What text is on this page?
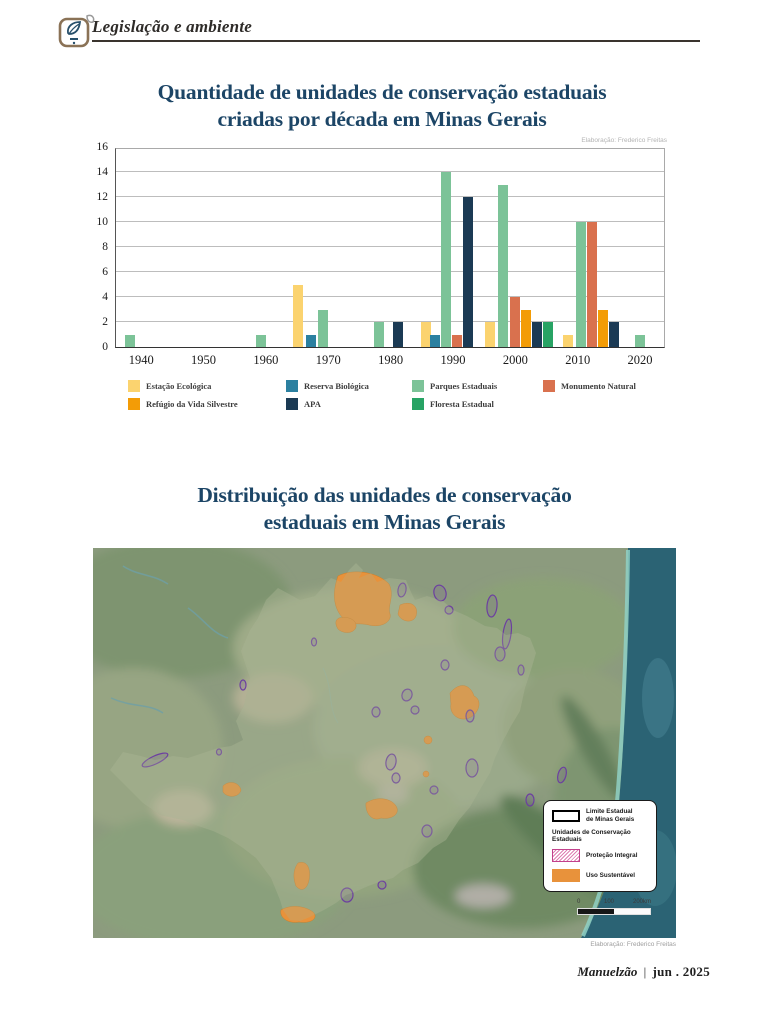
Legislação e ambiente
Quantidade de unidades de conservação estaduais
criadas por década em Minas Gerais
Elaboração: Frederico Freitas
0
2
4
6
8
10
12
14
16
1940	1950	1960	1970	1980	1990	2000	2010	2020
Estação Ecológica
Refúgio da Vida Silvestre
Reserva Biológica
APA
Parques Estaduais
Floresta Estadual
Monumento Natural
Distribuição das unidades de conservação
estaduais em Minas Gerais
Limite Estadual
de Minas Gerais
Unidades de Conservação Estaduais
Proteção Integral
Uso Sustentável
0	100	200km
Elaboração: Frederico Freitas
Manuelzão | jun . 2025
